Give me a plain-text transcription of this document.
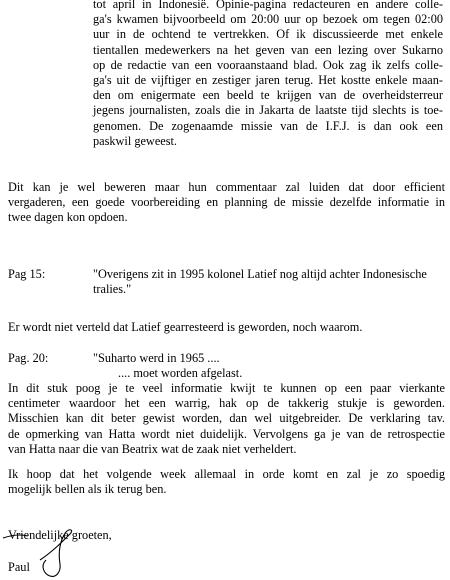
tot april in Indonesië. Opinie-pagina redacteuren en andere colle-
ga's kwamen bijvoorbeeld om 20:00 uur op bezoek om tegen 02:00
uur in de ochtend te vertrekken. Of ik discussieerde met enkele
tientallen medewerkers na het geven van een lezing over Sukarno
op de redactie van een vooraanstaand blad. Ook zag ik zelfs colle-
ga's uit de vijftiger en zestiger jaren terug. Het kostte enkele maan-
den om enigermate een beeld te krijgen van de overheidsterreur
jegens journalisten, zoals die in Jakarta de laatste tijd slechts is toe-
genomen. De zogenaamde missie van de I.F.J. is dan ook een
paskwil geweest.
Dit kan je wel beweren maar hun commentaar zal luiden dat door efficient
vergaderen, een goede voorbereiding en planning de missie dezelfde informatie in
twee dagen kon opdoen.
Pag 15:	"Overigens zit in 1995 kolonel Latief nog altijd achter Indonesische
tralies."
Er wordt niet verteld dat Latief gearresteerd is geworden, noch waarom.
Pag. 20:	"Suharto werd in 1965 ....
.... moet worden afgelast.
In dit stuk poog je te veel informatie kwijt te kunnen op een paar vierkante
centimeter waardoor het een warrig, hak op de takkerig stukje is geworden.
Misschien kan dit beter gewist worden, dan wel uitgebreider. De verklaring tav.
de opmerking van Hatta wordt niet duidelijk. Vervolgens ga je van de retrospectie
van Hatta naar die van Beatrix wat de zaak niet verheldert.
Ik hoop dat het volgende week allemaal in orde komt en zal je zo spoedig
mogelijk bellen als ik terug ben.
Vriendelijke groeten,
Paul
